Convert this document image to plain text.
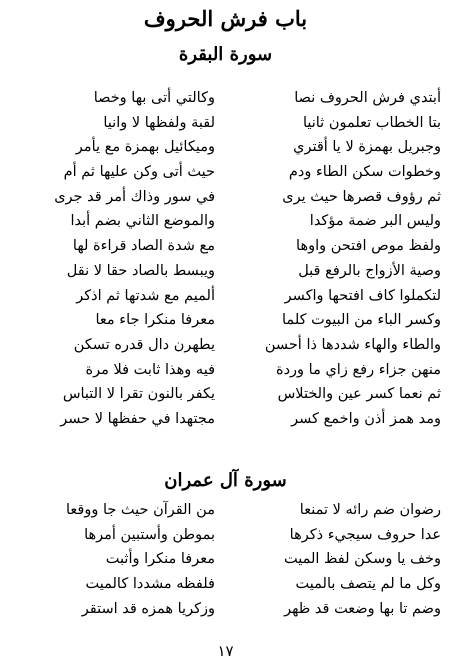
باب فرش الحروف
سورة البقرة
أبتدي فرش الحروف نصا
بتا الخطاب تعلمون ثانيا
وجبريل بهمزة لا يا أقتري
وخطوات سكن الطاء ودم
ثم رؤوف قصرها حيث يرى
وليس البر ضمة مؤكدا
ولفظ موص افتحن واوها
وصية الأزواج بالرفع قبل
لتكملوا كاف افتحها واكسر
وكسر الباء من البيوت كلما
والطاء والهاء شددها ذا أحسن
منهن جزاء رفع زاي ما وردة
ثم نعما كسر عين والختلاس
ومد همز أذن واخمع كسر
وكالتي أتى بها وخصا
لقبة ولفظها لا وانيا
وميكائيل بهمزة مع يأمر
حيث أتى وكن عليها ثم أم
في سور وذاك أمر قد جرى
والموضع الثاني بضم أبدا
مع شدة الصاد قراءة لها
ويبسط بالصاد حقا لا نقل
ألميم مع شدتها ثم اذكر
معرفا منكرا جاء معا
يطهرن دال قدره تسكن
فيه وهذا ثابت فلا مرة
يكفر بالنون تقرا لا التباس
مجتهدا في حفظها لا حسر
سورة آل عمران
رضوان ضم رائه لا تمنعا
عدا حروف سيجيء ذكرها
وخف يا وسكن لفظ الميت
وكل ما لم يتصف بالميت
وضم تا بها وضعت قد ظهر
من القرآن حيث جا ووقعا
بموطن وأستبين أمرها
معرفا منكرا وأثبت
فلفظه مشددا كالميت
وزكريا همزه قد استقر
١٧
